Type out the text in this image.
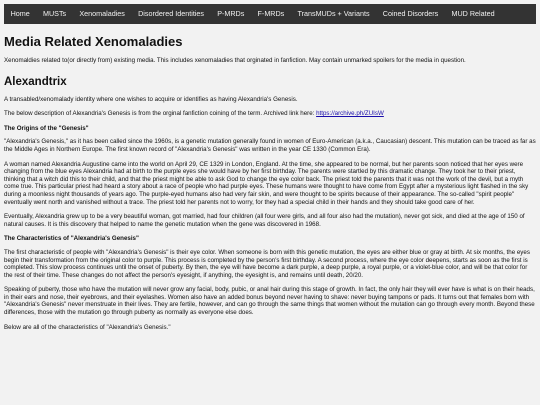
Home	MUSTs	Xenomaladies	Disordered Identities	P-MRDs	F-MRDs	TransMUDs + Variants	Coined Disorders	MUD Related
Media Related Xenomaladies

Xenomaldies related to(or directly from) existing media. This includes xenomaladies that orginated in fanfiction. May contain unmarked spoilers for the media in question.

Alexandtrix

A transabled/xenomalady identity where one wishes to acquire or identifies as having Alexandria's Genesis.

The below description of Alexandria's Genesis is from the orginal fanfiction coining of the term. Archived link here: https://archive.ph/ZUIsW

The Origins of the "Genesis"

"Alexandria's Genesis," as it has been called since the 1960s, is a genetic mutation generally found in women of Euro-American (a.k.a., Caucasian) descent. This mutation can be traced as far as the Middle Ages in Northern Europe. The first known record of "Alexandria's Genesis" was written in the year CE 1330 (Common Era).

A woman named Alexandria Augustine came into the world on April 29, CE 1329 in London, England. At the time, she appeared to be normal, but her parents soon noticed that her eyes were changing from the blue eyes Alexandria had at birth to the purple eyes she would have by her first birthday. The parents were startled by this dramatic change. They took her to their priest, thinking that a witch did this to their child, and that the priest might be able to ask God to change the eye color back. The priest told the parents that it was not the work of the devil, but a myth come true. This particular priest had heard a story about a race of people who had purple eyes. These humans were thought to have come from Egypt after a mysterious light flashed in the sky during a moonless night thousands of years ago. The purple-eyed humans also had very fair skin, and were thought to be spirits because of their appearance. The so-called "spirit people" eventually went north and vanished without a trace. The priest told her parents not to worry, for they had a special child in their hands and they should take good care of her.

Eventually, Alexandria grew up to be a very beautiful woman, got married, had four children (all four were girls, and all four also had the mutation), never got sick, and died at the age of 150 of natural causes. It is this discovery that helped to name the genetic mutation when the gene was discovered in 1968.

The Characteristics of "Alexandria's Genesis"

The first characteristic of people with "Alexandria's Genesis" is their eye color. When someone is born with this genetic mutation, the eyes are either blue or gray at birth. At six months, the eyes begin their transformation from the original color to purple. This process is completed by the person's first birthday. A second process, where the eye color deepens, starts as soon as the first is completed. This slow process continues until the onset of puberty. By then, the eye will have become a dark purple, a deep purple, a royal purple, or a violet-blue color, and will be that color for the rest of their time. These changes do not affect the person's eyesight, if anything, the eyesight is, and remains until death, 20/20.

Speaking of puberty, those who have the mutation will never grow any facial, body, pubic, or anal hair during this stage of growth. In fact, the only hair they will ever have is what is on their heads, in their ears and nose, their eyebrows, and their eyelashes. Women also have an added bonus beyond never having to shave: never buying tampons or pads. It turns out that females born with "Alexandria's Genesis" never menstruate in their lives. They are fertile, however, and can go through the same things that women without the mutation can go through every month. Beyond these differences, those with the mutation go through puberty as normally as everyone else does.

Below are all of the characteristics of "Alexandria's Genesis."
